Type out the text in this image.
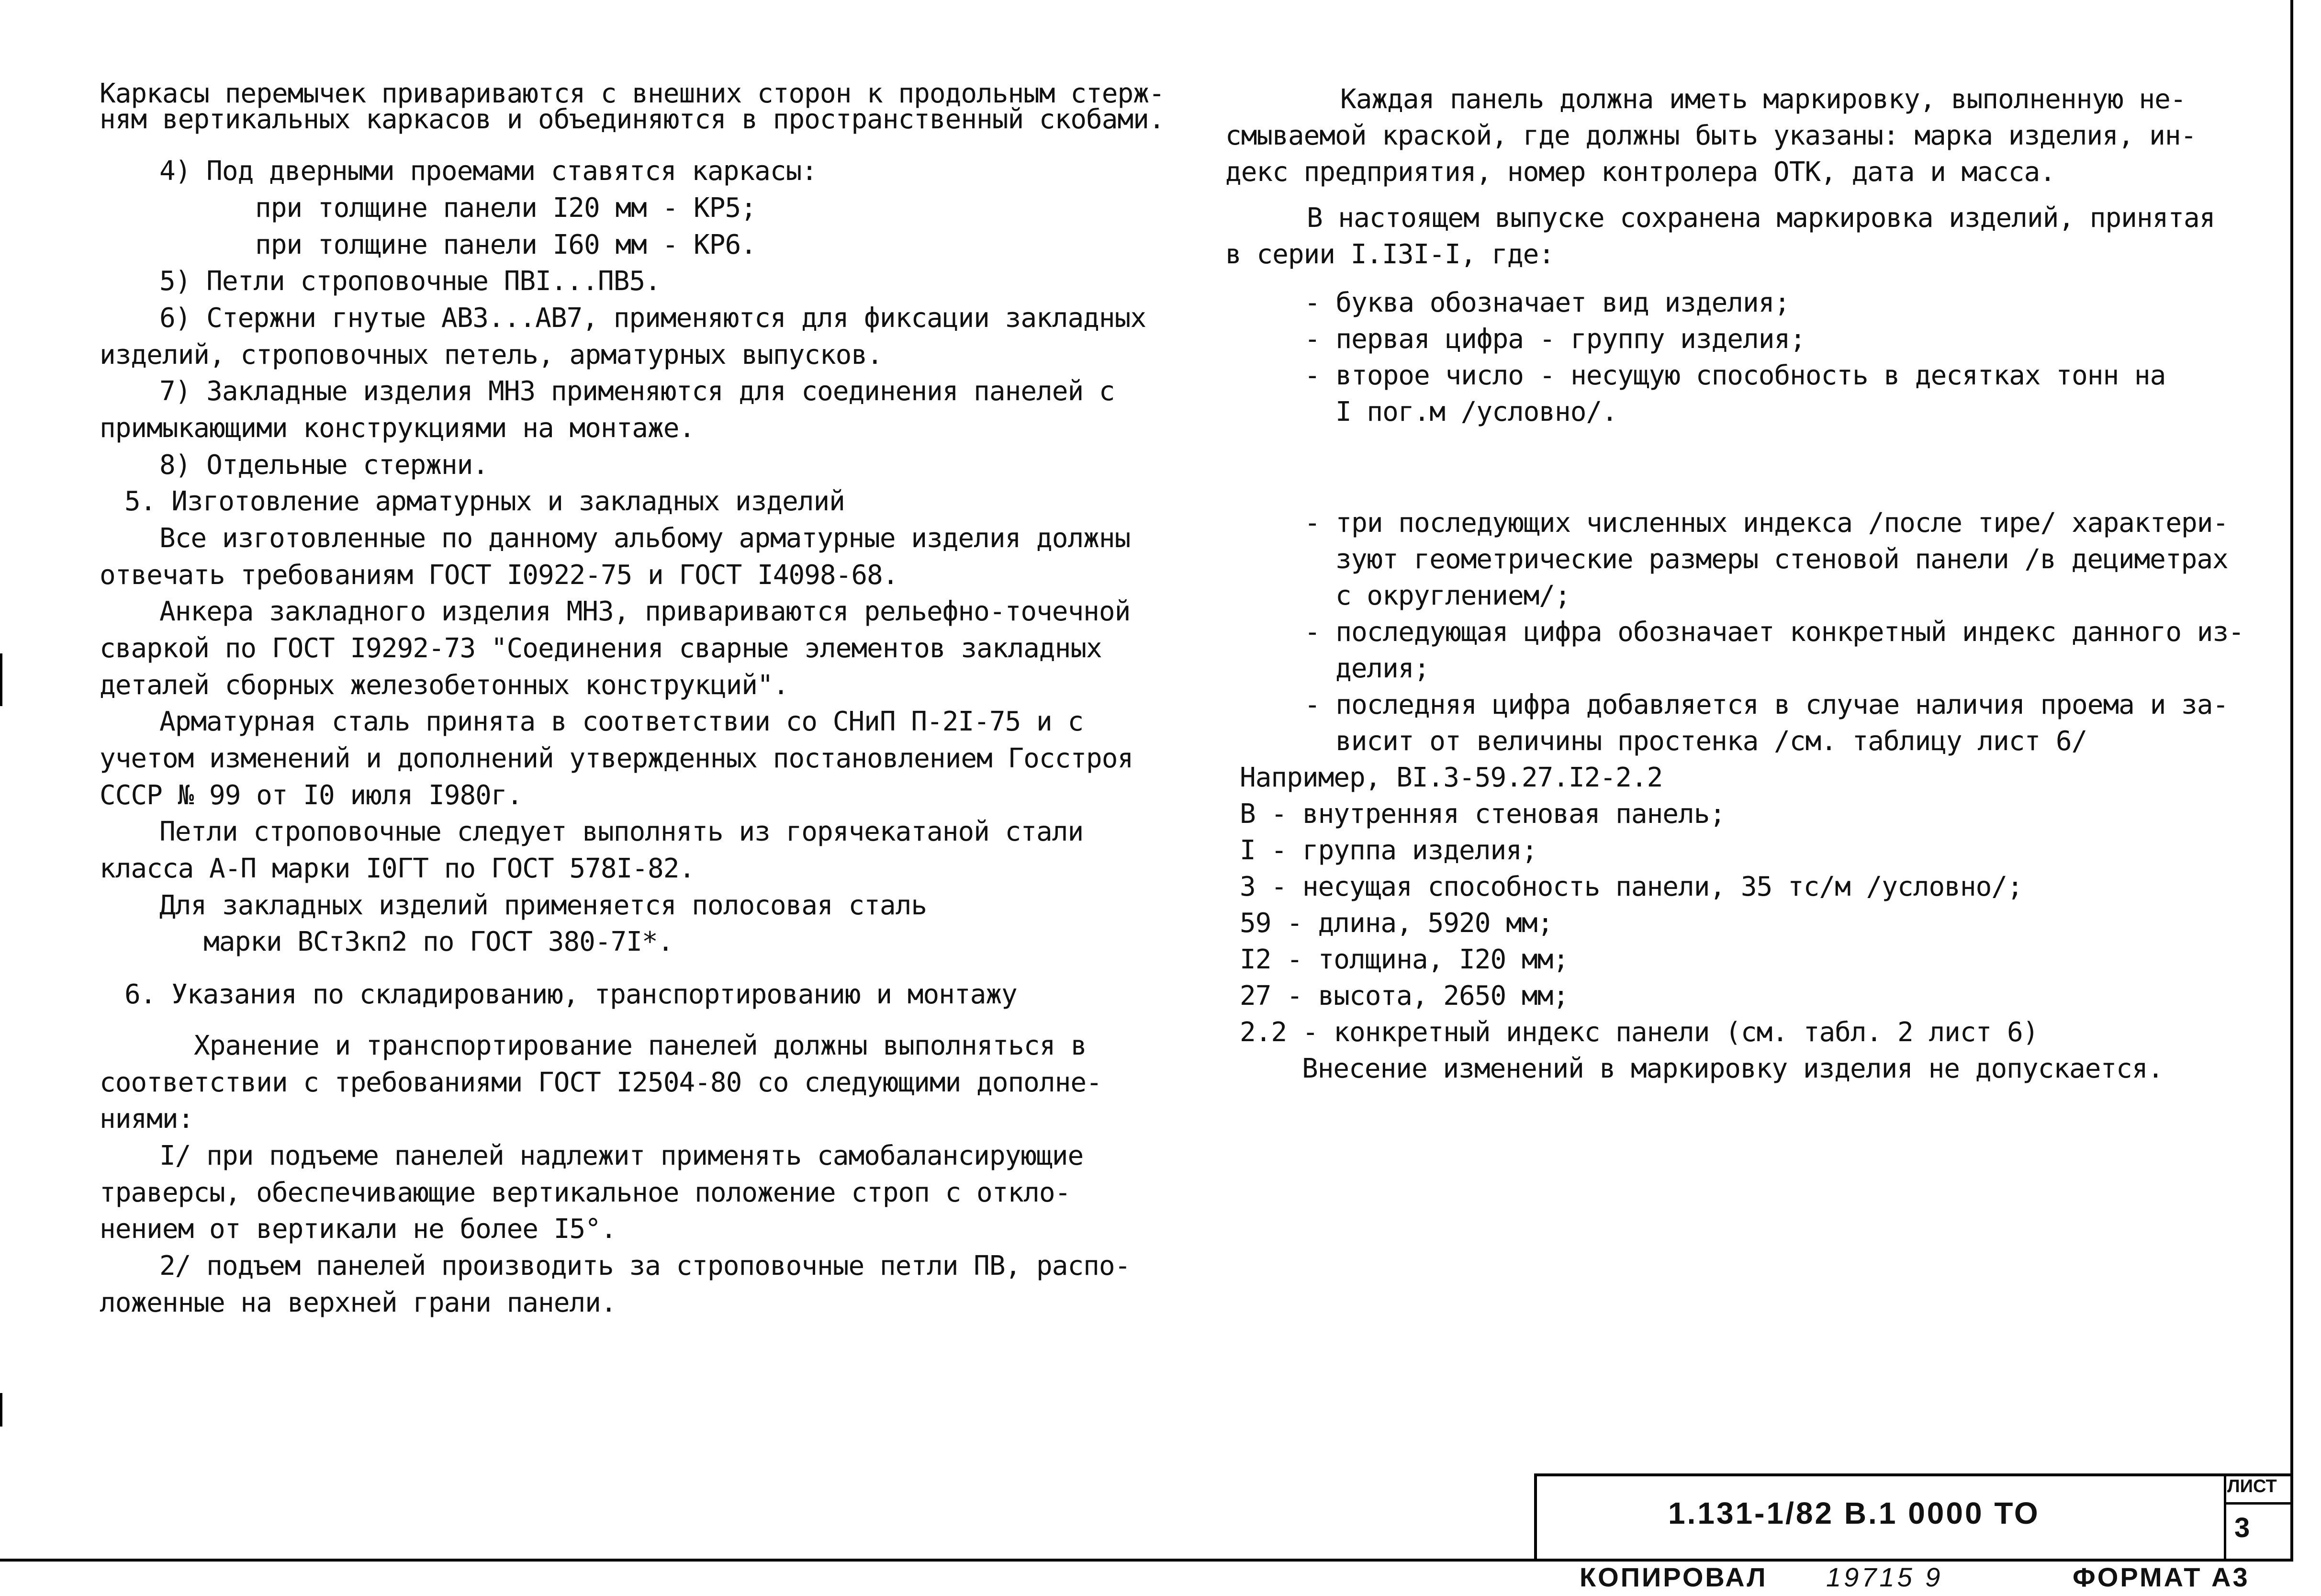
Каркасы перемычек привариваются с внешних сторон к продольным стерж-
ням вертикальных каркасов и объединяются в пространственный скобами.
4) Под дверными проемами ставятся каркасы:
при толщине панели I20 мм - КР5;
при толщине панели I60 мм - КР6.
5) Петли строповочные ПВI...ПВ5.
6) Стержни гнутые АВ3...АВ7, применяются для фиксации закладных
изделий, строповочных петель, арматурных выпусков.
7) Закладные изделия МН3 применяются для соединения панелей с
примыкающими конструкциями на монтаже.
8) Отдельные стержни.
5. Изготовление арматурных и закладных изделий
Все изготовленные по данному альбому арматурные изделия должны
отвечать требованиям ГОСТ I0922-75 и ГОСТ I4098-68.
Анкера закладного изделия МН3, привариваются рельефно-точечной
сваркой по ГОСТ I9292-73 "Соединения сварные элементов закладных
деталей сборных железобетонных конструкций".
Арматурная сталь принята в соответствии со СНиП П-2I-75 и с
учетом изменений и дополнений утвержденных постановлением Госстроя
СССР № 99 от I0 июля I980г.
Петли строповочные следует выполнять из горячекатаной стали
класса А-П марки I0ГТ по ГОСТ 578I-82.
Для закладных изделий применяется полосовая сталь
марки ВСт3кп2 по ГОСТ 380-7I*.
6. Указания по складированию, транспортированию и монтажу
Хранение и транспортирование панелей должны выполняться в
соответствии с требованиями ГОСТ I2504-80 со следующими дополне-
ниями:
I/ при подъеме панелей надлежит применять самобалансирующие
траверсы, обеспечивающие вертикальное положение строп с откло-
нением от вертикали не более I5°.
2/ подъем панелей производить за строповочные петли ПВ, распо-
ложенные на верхней грани панели.
Каждая панель должна иметь маркировку, выполненную не-
смываемой краской, где должны быть указаны: марка изделия, ин-
декс предприятия, номер контролера ОТК, дата и масса.
В настоящем выпуске сохранена маркировка изделий, принятая
в серии I.I3I-I, где:
- буква обозначает вид изделия;
- первая цифра - группу изделия;
- второе число - несущую способность в десятках тонн на
I пог.м /условно/.
- три последующих численных индекса /после тире/ характери-
зуют геометрические размеры стеновой панели /в дециметрах
с округлением/;
- последующая цифра обозначает конкретный индекс данного из-
делия;
- последняя цифра добавляется в случае наличия проема и за-
висит от величины простенка /см. таблицу лист 6/
Например, ВI.3-59.27.I2-2.2
В - внутренняя стеновая панель;
I - группа изделия;
3 - несущая способность панели, 35 тс/м /условно/;
59 - длина, 5920 мм;
I2 - толщина, I20 мм;
27 - высота, 2650 мм;
2.2 - конкретный индекс панели (см. табл. 2 лист 6)
Внесение изменений в маркировку изделия не допускается.
1.131-1/82 В.1 0000 ТО
ЛИСТ
3
КОПИРОВАЛ 19715 9	ФОРМАТ А3
